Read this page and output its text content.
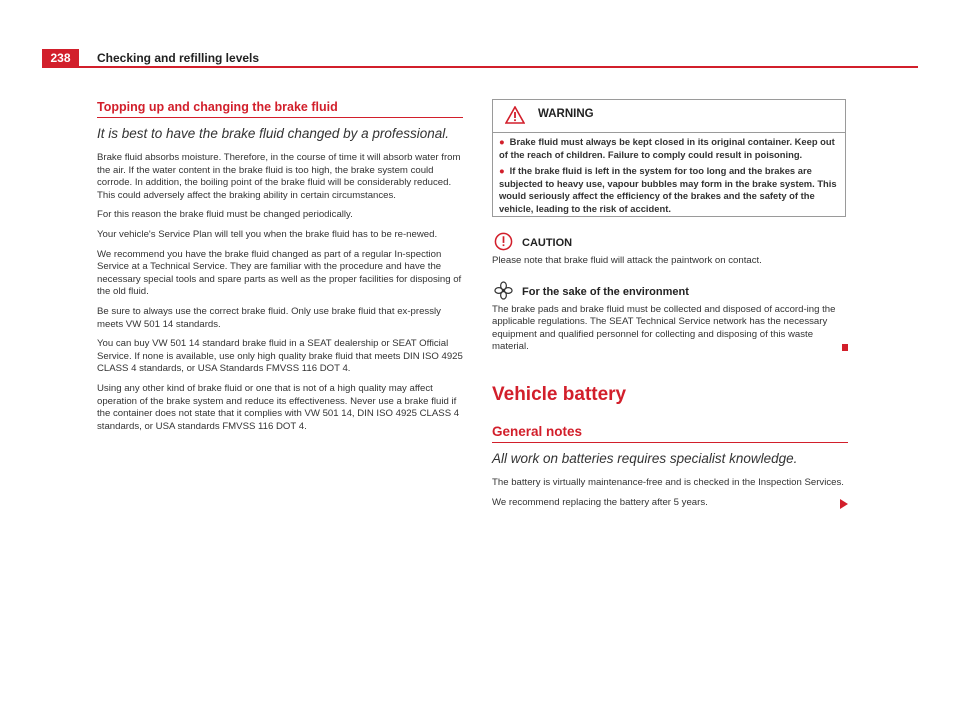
238	Checking and refilling levels
Topping up and changing the brake fluid
It is best to have the brake fluid changed by a professional.

Brake fluid absorbs moisture. Therefore, in the course of time it will absorb water from the air. If the water content in the brake fluid is too high, the brake system could corrode. In addition, the boiling point of the brake fluid will be considerably reduced. This could adversely affect the braking ability in certain circumstances.

For this reason the brake fluid must be changed periodically.

Your vehicle's Service Plan will tell you when the brake fluid has to be re-newed.

We recommend you have the brake fluid changed as part of a regular In-spection Service at a Technical Service. They are familiar with the procedure and have the necessary special tools and spare parts as well as the proper facilities for disposing of the old fluid.

Be sure to always use the correct brake fluid. Only use brake fluid that ex-pressly meets VW 501 14 standards.

You can buy VW 501 14 standard brake fluid in a SEAT dealership or SEAT Official Service. If none is available, use only high quality brake fluid that meets DIN ISO 4925 CLASS 4 standards, or USA Standards FMVSS 116 DOT 4.

Using any other kind of brake fluid or one that is not of a high quality may affect operation of the brake system and reduce its effectiveness. Never use a brake fluid if the container does not state that it complies with VW 501 14, DIN ISO 4925 CLASS 4 standards, or USA standards FMVSS 116 DOT 4.

WARNING
● Brake fluid must always be kept closed in its original container. Keep out of the reach of children. Failure to comply could result in poisoning.
● If the brake fluid is left in the system for too long and the brakes are subjected to heavy use, vapour bubbles may form in the brake system. This would seriously affect the efficiency of the brakes and the safety of the vehicle, leading to the risk of accident.
CAUTION

Please note that brake fluid will attack the paintwork on contact.

For the sake of the environment

The brake pads and brake fluid must be collected and disposed of accord-ing the applicable regulations. The SEAT Technical Service network has the necessary equipment and qualified personnel for collecting and disposing of this waste material.

Vehicle battery
General notes
All work on batteries requires specialist knowledge.

The battery is virtually maintenance-free and is checked in the Inspection Services.

We recommend replacing the battery after 5 years.
